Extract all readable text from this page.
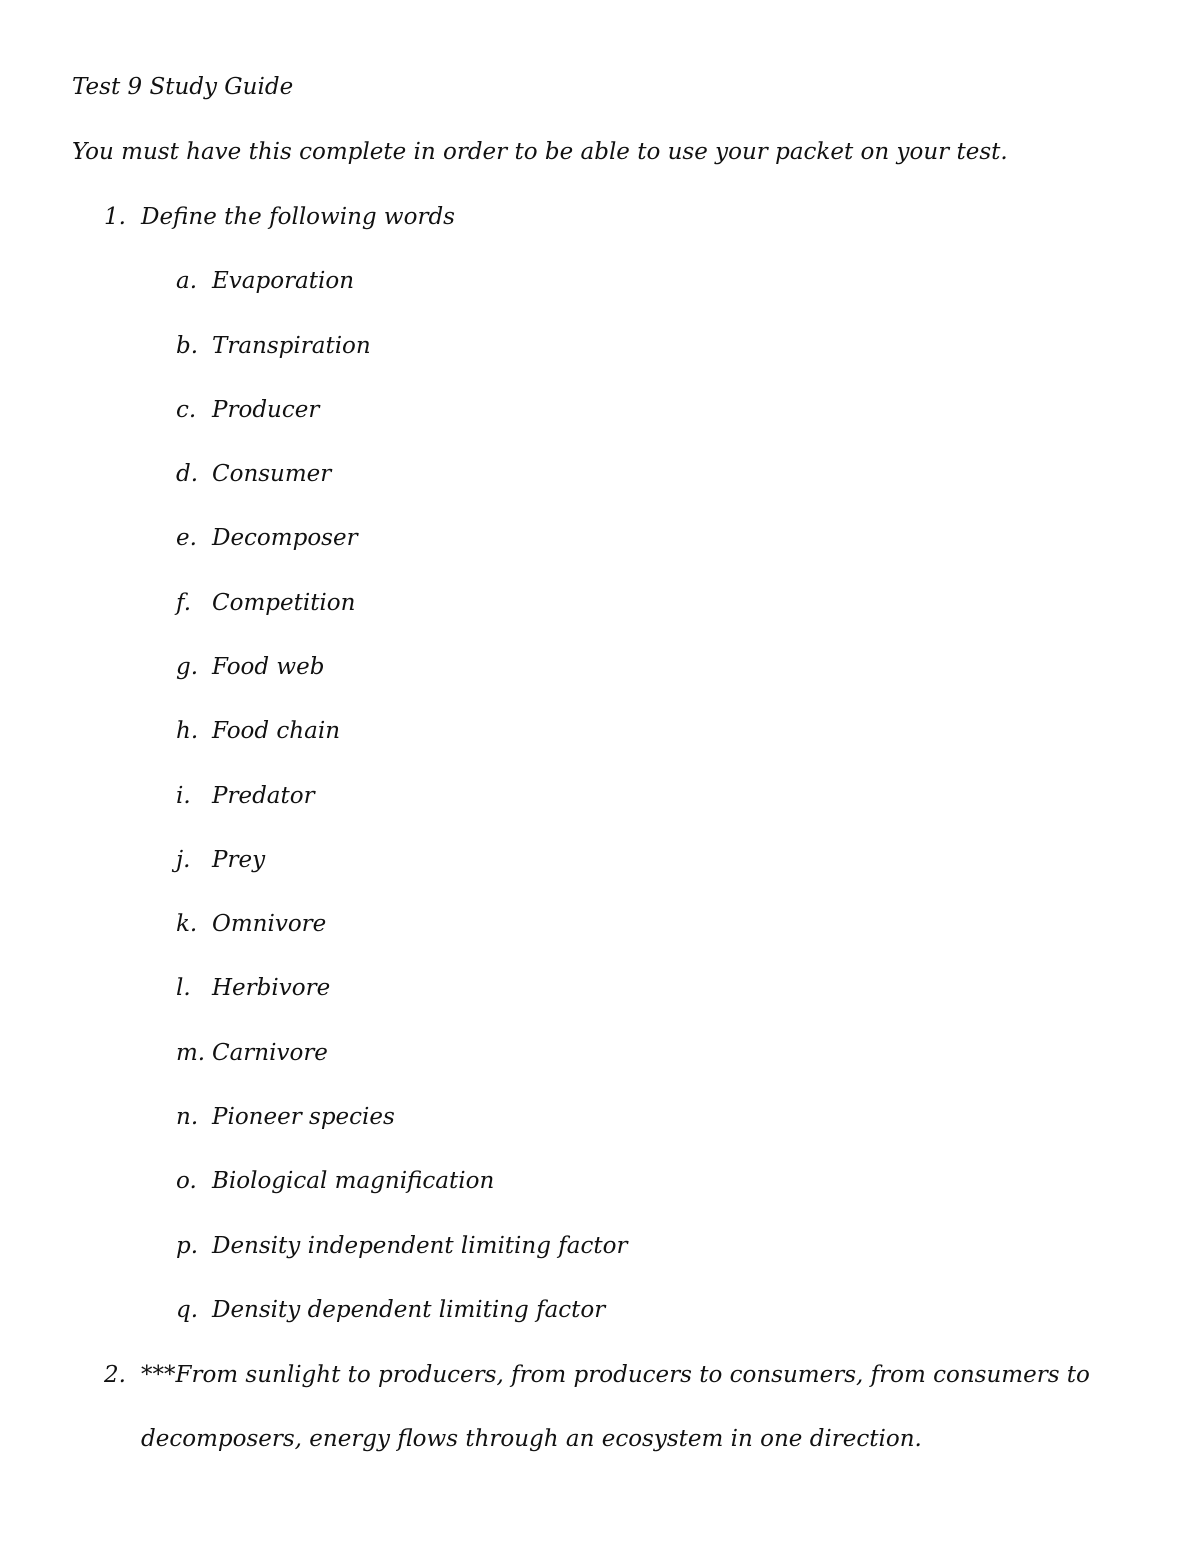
Test 9 Study Guide
You must have this complete in order to be able to use your packet on your test.
1. Define the following words
a. Evaporation
b. Transpiration
c. Producer
d. Consumer
e. Decomposer
f. Competition
g. Food web
h. Food chain
i. Predator
j. Prey
k. Omnivore
l. Herbivore
m. Carnivore
n. Pioneer species
o. Biological magnification
p. Density independent limiting factor
q. Density dependent limiting factor
2. ***From sunlight to producers, from producers to consumers, from consumers to
decomposers, energy flows through an ecosystem in one direction.
